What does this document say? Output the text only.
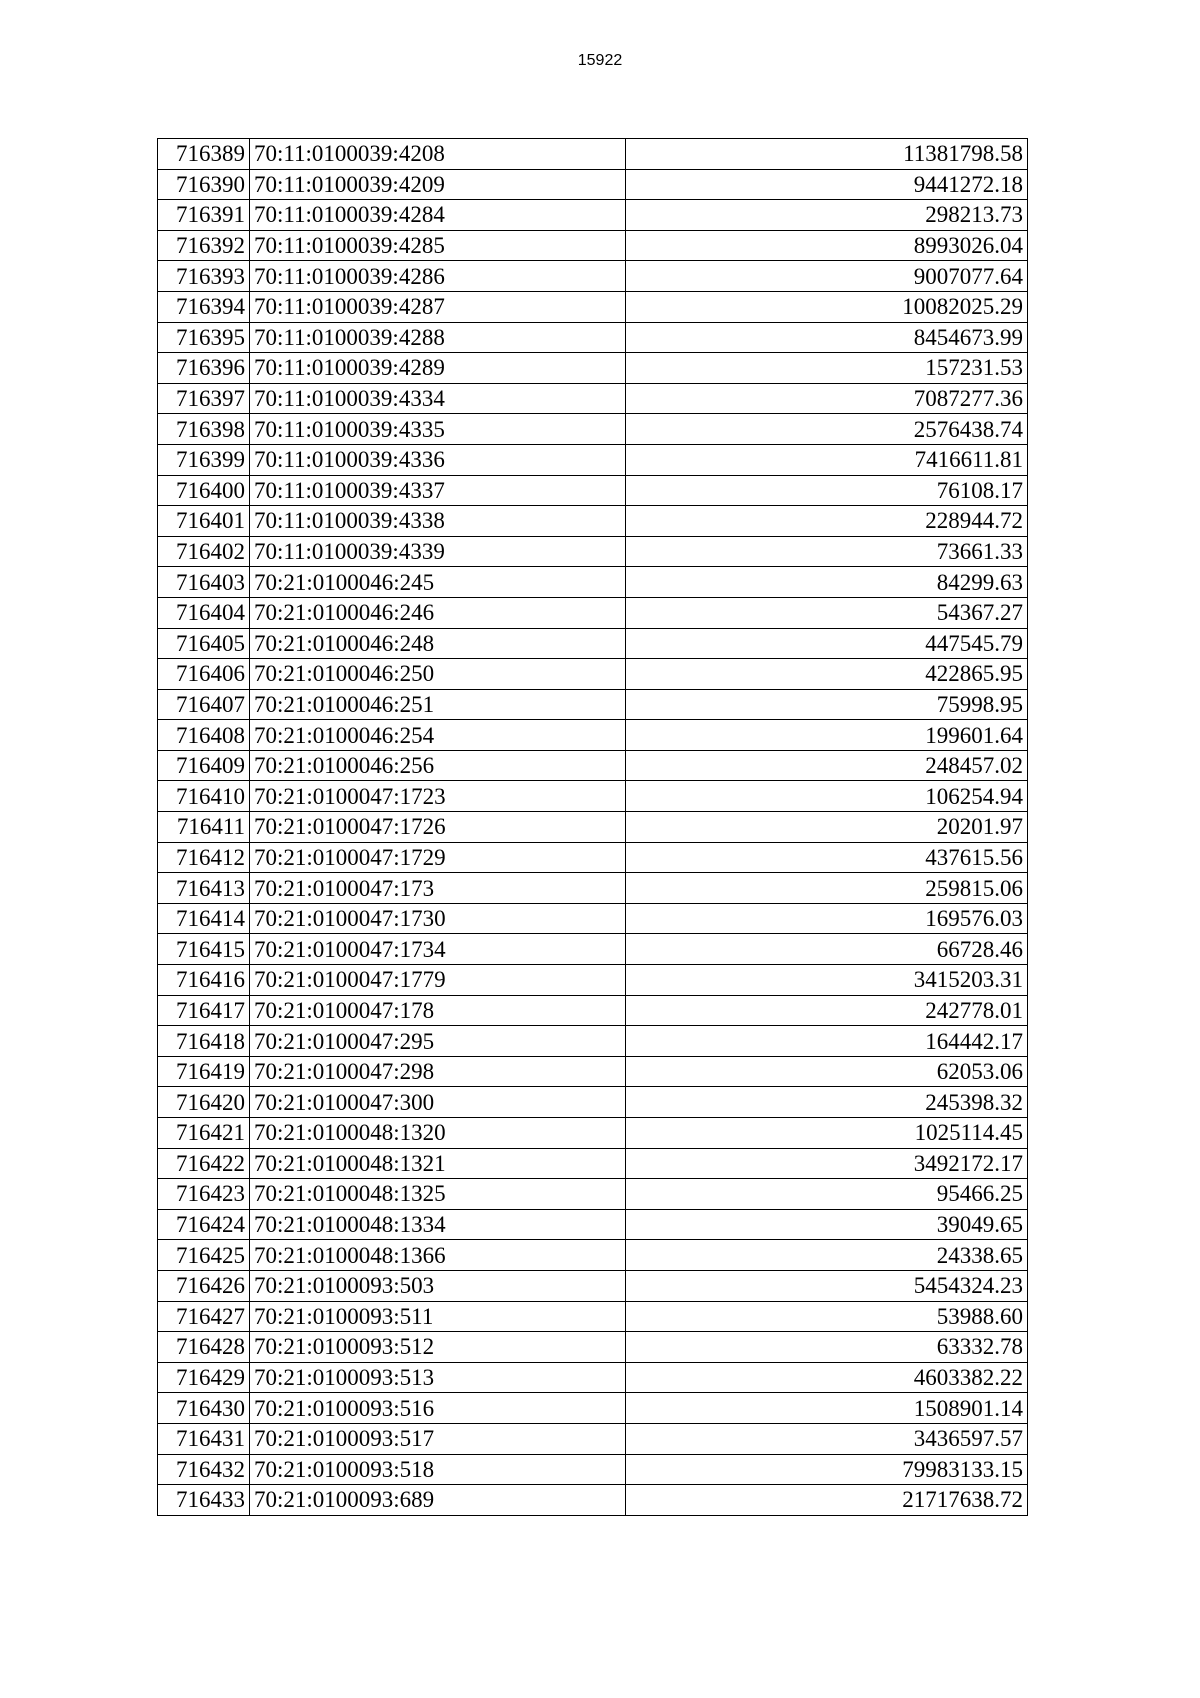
15922
716389	70:11:0100039:4208	11381798.58
716390	70:11:0100039:4209	9441272.18
716391	70:11:0100039:4284	298213.73
716392	70:11:0100039:4285	8993026.04
716393	70:11:0100039:4286	9007077.64
716394	70:11:0100039:4287	10082025.29
716395	70:11:0100039:4288	8454673.99
716396	70:11:0100039:4289	157231.53
716397	70:11:0100039:4334	7087277.36
716398	70:11:0100039:4335	2576438.74
716399	70:11:0100039:4336	7416611.81
716400	70:11:0100039:4337	76108.17
716401	70:11:0100039:4338	228944.72
716402	70:11:0100039:4339	73661.33
716403	70:21:0100046:245	84299.63
716404	70:21:0100046:246	54367.27
716405	70:21:0100046:248	447545.79
716406	70:21:0100046:250	422865.95
716407	70:21:0100046:251	75998.95
716408	70:21:0100046:254	199601.64
716409	70:21:0100046:256	248457.02
716410	70:21:0100047:1723	106254.94
716411	70:21:0100047:1726	20201.97
716412	70:21:0100047:1729	437615.56
716413	70:21:0100047:173	259815.06
716414	70:21:0100047:1730	169576.03
716415	70:21:0100047:1734	66728.46
716416	70:21:0100047:1779	3415203.31
716417	70:21:0100047:178	242778.01
716418	70:21:0100047:295	164442.17
716419	70:21:0100047:298	62053.06
716420	70:21:0100047:300	245398.32
716421	70:21:0100048:1320	1025114.45
716422	70:21:0100048:1321	3492172.17
716423	70:21:0100048:1325	95466.25
716424	70:21:0100048:1334	39049.65
716425	70:21:0100048:1366	24338.65
716426	70:21:0100093:503	5454324.23
716427	70:21:0100093:511	53988.60
716428	70:21:0100093:512	63332.78
716429	70:21:0100093:513	4603382.22
716430	70:21:0100093:516	1508901.14
716431	70:21:0100093:517	3436597.57
716432	70:21:0100093:518	79983133.15
716433	70:21:0100093:689	21717638.72
